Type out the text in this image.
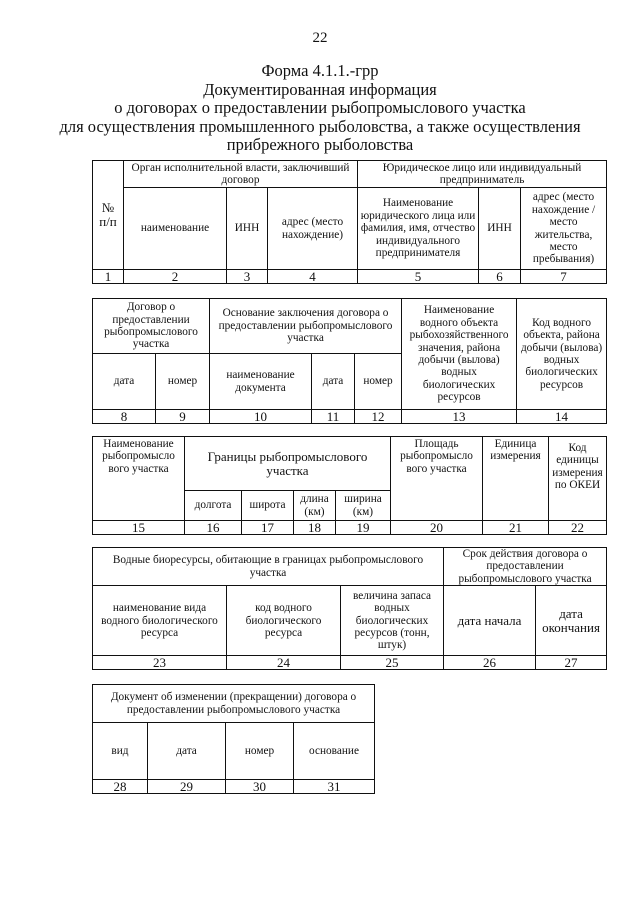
22
Форма 4.1.1.-грр
Документированная информация
о договорах о предоставлении рыбопромыслового участка
для осуществления промышленного рыболовства, а также осуществления
прибрежного рыболовства
№ п/п	Орган исполнительной власти, заключивший договор			Юридическое лицо или индивидуальный предприниматель		
	наименование	ИНН	адрес (место нахождение)	Наименование юридического лица или фамилия, имя, отчество индивидуального предпринимателя	ИНН	адрес (место нахождение / место жительства, место пребывания)
1	2	3	4	5	6	7
Договор о предоставлении рыбопромыслового участка		Основание заключения договора о предоставлении рыбопромыслового участка			Наименование водного объекта рыбохозяйственного значения, района добычи (вылова) водных биологических ресурсов	Код водного объекта, района добычи (вылова) водных биологических ресурсов
дата	номер	наименование документа	дата	номер		
8	9	10	11	12	13	14
Наименование рыбопромысло вого участка	Границы рыбопромыслового участка				Площадь рыбопромысло вого участка	Единица измерения	Код единицы измерения по ОКЕИ
	долгота	широта	длина (км)	ширина (км)			
15	16	17	18	19	20	21	22
Водные биоресурсы, обитающие в границах рыбопромыслового участка			Срок действия договора о предоставлении рыбопромыслового участка	
наименование вида водного биологического ресурса	код водного биологического ресурса	величина запаса водных биологических ресурсов (тонн, штук)	дата начала	дата окончания
23	24	25	26	27
Документ об изменении (прекращении) договора о предоставлении рыбопромыслового участка			
вид	дата	номер	основание
28	29	30	31
